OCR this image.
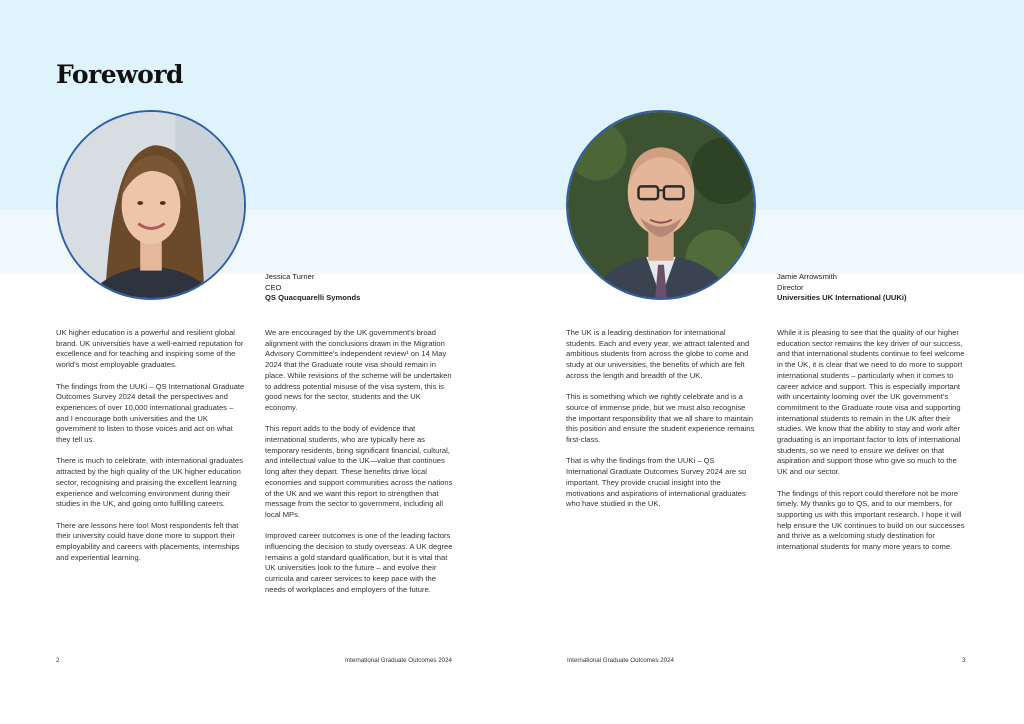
Foreword
Jessica Turner
CEO
QS Quacquarelli Symonds
Jamie Arrowsmith
Director
Universities UK International (UUKi)

UK higher education is a powerful and resilient global brand. UK universities have a well-earned reputation for excellence and for teaching and inspiring some of the world's most employable graduates.

The findings from the UUKi – QS International Graduate Outcomes Survey 2024 detail the perspectives and experiences of over 10,000 international graduates – and I encourage both universities and the UK government to listen to those voices and act on what they tell us.

There is much to celebrate, with international graduates attracted by the high quality of the UK higher education sector, recognising and praising the excellent learning experience and welcoming environment during their studies in the UK, and going onto fulfilling careers.

There are lessons here too! Most respondents felt that their university could have done more to support their employability and careers with placements, internships and experiential learning.

We are encouraged by the UK government's broad alignment with the conclusions drawn in the Migration Advisory Committee's independent review¹ on 14 May 2024 that the Graduate route visa should remain in place. While revisions of the scheme will be undertaken to address potential misuse of the visa system, this is good news for the sector, students and the UK economy.

This report adds to the body of evidence that international students, who are typically here as temporary residents, bring significant financial, cultural, and intellectual value to the UK—value that continues long after they depart. These benefits drive local economies and support communities across the nations of the UK and we want this report to strengthen that message from the sector to government, including all local MPs.

Improved career outcomes is one of the leading factors influencing the decision to study overseas. A UK degree remains a gold standard qualification, but it is vital that UK universities look to the future – and evolve their curricula and career services to keep pace with the needs of workplaces and employers of the future.

The UK is a leading destination for international students. Each and every year, we attract talented and ambitious students from across the globe to come and study at our universities, the benefits of which are felt across the length and breadth of the UK.

This is something which we rightly celebrate and is a source of immense pride, but we must also recognise the important responsibility that we all share to maintain this position and ensure the student experience remains first-class.

That is why the findings from the UUKi – QS International Graduate Outcomes Survey 2024 are so important. They provide crucial insight into the motivations and aspirations of international graduates who have studied in the UK.

While it is pleasing to see that the quality of our higher education sector remains the key driver of our success, and that international students continue to feel welcome in the UK, it is clear that we need to do more to support international students – particularly when it comes to career advice and support. This is especially important with uncertainty looming over the UK government's commitment to the Graduate route visa and supporting international students to remain in the UK after their studies. We know that the ability to stay and work after graduating is an important factor to lots of international students, so we need to ensure we deliver on that aspiration and support those who give so much to the UK and our sector.

The findings of this report could therefore not be more timely. My thanks go to QS, and to our members, for supporting us with this important research. I hope it will help ensure the UK continues to build on our successes and thrive as a welcoming study destination for international students for many more years to come.

2	International Graduate Outcomes 2024	International Graduate Outcomes 2024	3
